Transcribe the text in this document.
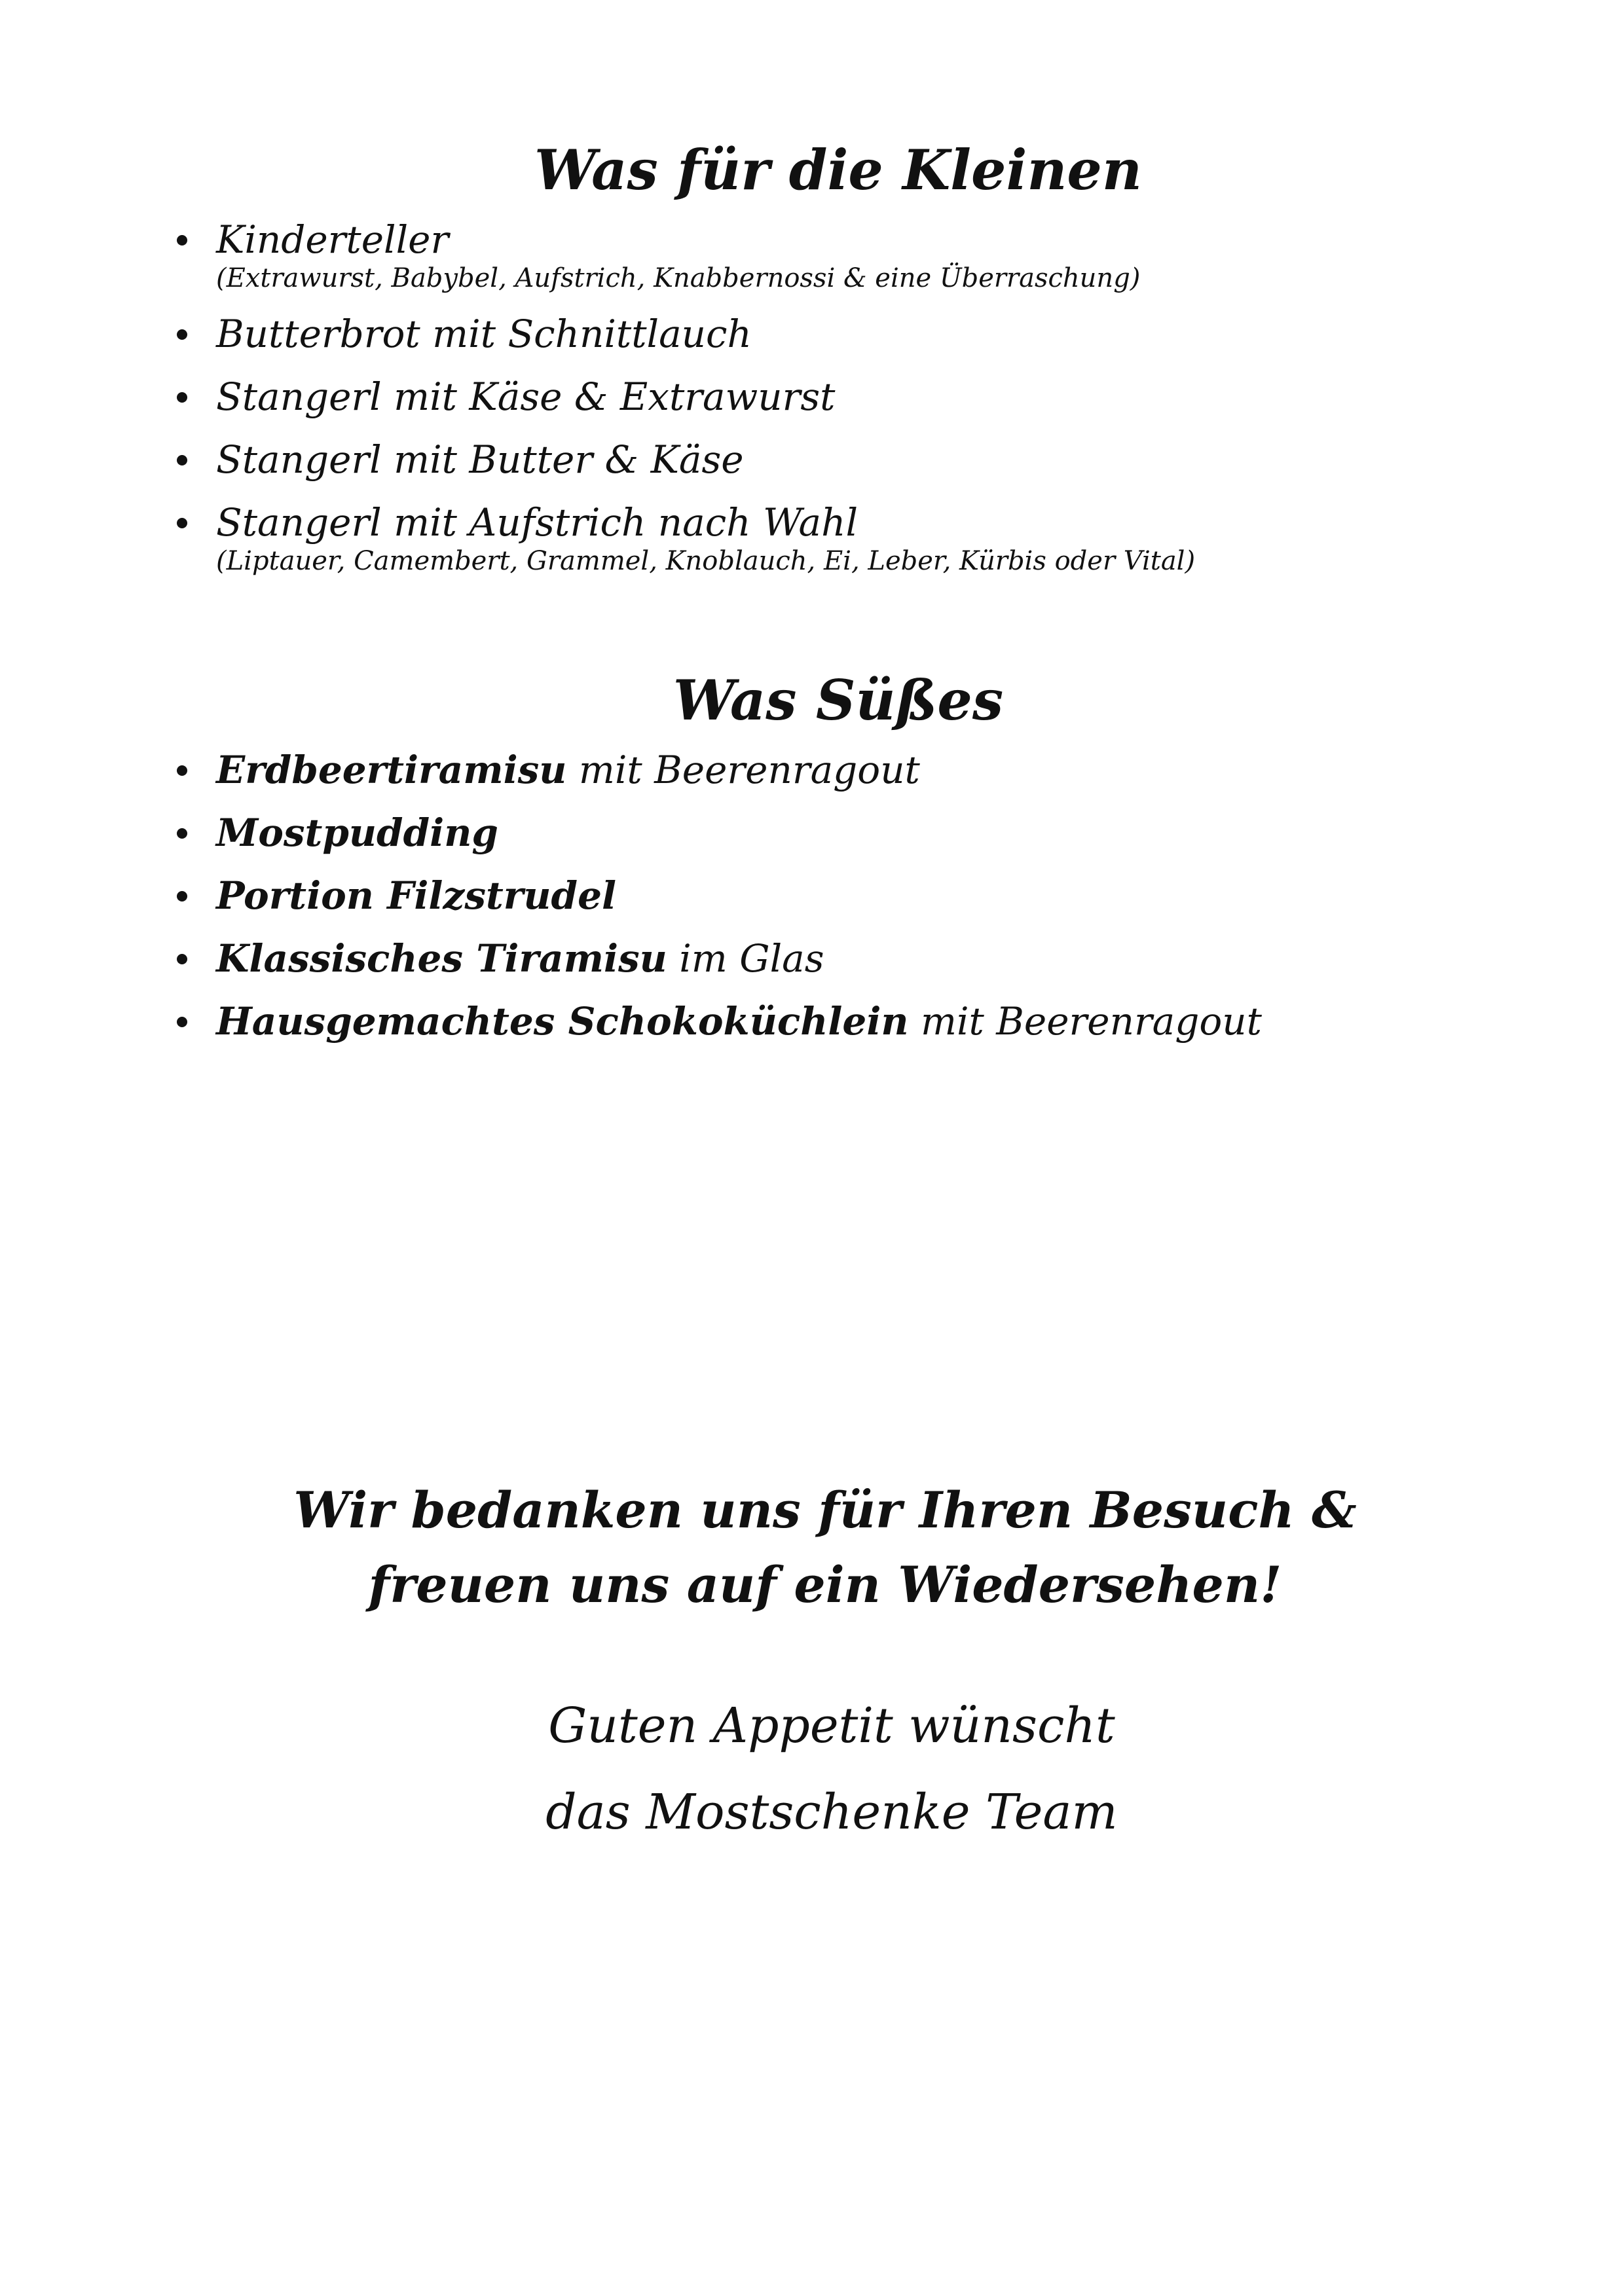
Was für die Kleinen
Kinderteller
(Extrawurst, Babybel, Aufstrich, Knabbernossi & eine Überraschung)
Butterbrot mit Schnittlauch
Stangerl mit Käse & Extrawurst
Stangerl mit Butter & Käse
Stangerl mit Aufstrich nach Wahl
(Liptauer, Camembert, Grammel, Knoblauch, Ei, Leber, Kürbis oder Vital)
Was Süßes
Erdbeertiramisu mit Beerenragout
Mostpudding
Portion Filzstrudel
Klassisches Tiramisu im Glas
Hausgemachtes Schokoküchlein mit Beerenragout
Wir bedanken uns für Ihren Besuch &
freuen uns auf ein Wiedersehen!
Guten Appetit wünscht
das Mostschenke Team
